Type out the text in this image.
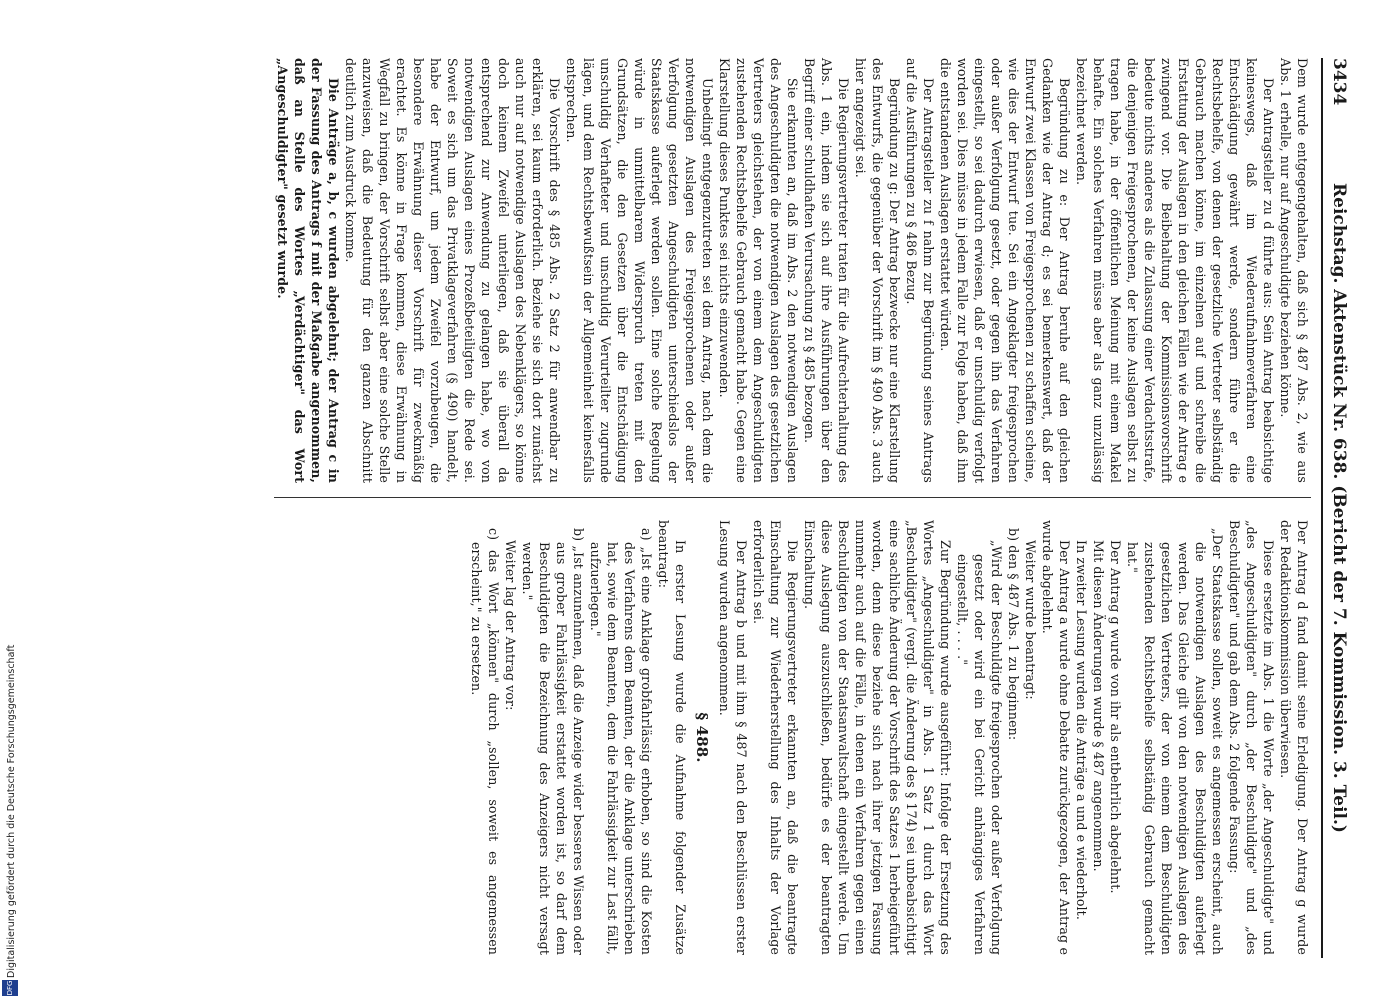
Digitalisierung gefördert durch die Deutsche Forschungsgemeinschaft
DFG
3434
Reichstag. Aktenstück Nr. 638. (Bericht der 7. Kommission. 3. Teil.)

Dem wurde entgegengehalten, daß sich § 487 Abs. 2, wie aus Abs. 1 erhelle, nur auf Angeschuldigte beziehen könne.

Der Antragsteller zu d führte aus: Sein Antrag beabsichtige keineswegs, daß im Wiederaufnahmeverfahren eine Entschädigung gewährt werde, sondern führe er die Rechtsbehelfe, von denen der gesetzliche Vertreter selbständig Gebrauch machen könne, im einzelnen auf und schreibe die Erstattung der Auslagen in den gleichen Fällen wie der Antrag e zwingend vor. Die Beibehaltung der Kommissionsvorschrift bedeute nichts anderes als die Zulassung einer Verdachtsstrafe, die denjenigen Freigesprochenen, der keine Auslagen selbst zu tragen habe, in der öffentlichen Meinung mit einem Makel behafte. Ein solches Verfahren müsse aber als ganz unzulässig bezeichnet werden.

Begründung zu e: Der Antrag beruhe auf den gleichen Gedanken wie der Antrag d; es sei bemerkenswert, daß der Entwurf zwei Klassen von Freigesprochenen zu schaffen scheine, wie dies der Entwurf tue. Sei ein Angeklagter freigesprochen oder außer Verfolgung gesetzt, oder gegen ihn das Verfahren eingestellt, so sei dadurch erwiesen, daß er unschuldig verfolgt worden sei. Dies müsse in jedem Falle zur Folge haben, daß ihm die entstandenen Auslagen erstattet würden.

Der Antragsteller zu f nahm zur Begründung seines Antrags auf die Ausführungen zu § 486 Bezug.

Begründung zu g: Der Antrag bezwecke nur eine Klarstellung des Entwurfs, die gegenüber der Vorschrift im § 490 Abs. 3 auch hier angezeigt sei.

Die Regierungsvertreter traten für die Aufrechterhaltung des Abs. 1 ein, indem sie sich auf ihre Ausführungen über den Begriff einer schuldhaften Verursachung zu § 485 bezogen.

Sie erkannten an, daß im Abs. 2 den notwendigen Auslagen des Angeschuldigten die notwendigen Auslagen des gesetzlichen Vertreters gleichstehen, der von einem dem Angeschuldigten zustehenden Rechtsbehelfe Gebrauch gemacht habe. Gegen eine Klarstellung dieses Punktes sei nichts einzuwenden.

Unbedingt entgegenzutreten sei dem Antrag, nach dem die notwendigen Auslagen des Freigesprochenen oder außer Verfolgung gesetzten Angeschuldigten unterschiedslos der Staatskasse auferlegt werden sollen. Eine solche Regelung würde in unmittelbarem Widerspruch treten mit den Grundsätzen, die den Gesetzen über die Entschädigung unschuldig Verhafteter und unschuldig Verurteilter zugrunde lägen, und dem Rechtsbewußtsein der Allgemeinheit keinesfalls entsprechen.

Die Vorschrift des § 485 Abs. 2 Satz 2 für anwendbar zu erklären, sei kaum erforderlich. Beziehe sie sich dort zunächst auch nur auf notwendige Auslagen des Nebenklägers, so könne doch keinem Zweifel unterliegen, daß sie überall da entsprechend zur Anwendung zu gelangen habe, wo von notwendigen Auslagen eines Prozeßbeteiligten die Rede sei. Soweit es sich um das Privatklageverfahren (§ 490) handelt, habe der Entwurf, um jedem Zweifel vorzubeugen, die besondere Erwähnung dieser Vorschrift für zweckmäßig erachtet. Es könne in Frage kommen, diese Erwähnung in Wegfall zu bringen, der Vorschrift selbst aber eine solche Stelle anzuweisen, daß die Bedeutung für den ganzen Abschnitt deutlich zum Ausdruck komme.

Die Anträge a, b, c wurden abgelehnt; der Antrag c in der Fassung des Antrags f mit der Maßgabe angenommen, daß an Stelle des Wortes „Verdächtiger" das Wort „Angeschuldigter" gesetzt wurde.

Der Antrag d fand damit seine Erledigung. Der Antrag g wurde der Redaktionskommission überwiesen.

Diese ersetzte im Abs. 1 die Worte „der Angeschuldigte" und „des Angeschuldigten" durch „der Beschuldigte" und „des Beschuldigten" und gab dem Abs. 2 folgende Fassung:

„Der Staatskasse sollen, soweit es angemessen erscheint, auch die notwendigen Auslagen des Beschuldigten auferlegt werden. Das Gleiche gilt von den notwendigen Auslagen des gesetzlichen Vertreters, der von einem dem Beschuldigten zustehenden Rechtsbehelfe selbständig Gebrauch gemacht hat."

Der Antrag g wurde von ihr als entbehrlich abgelehnt.

Mit diesen Änderungen wurde § 487 angenommen.

In zweiter Lesung wurden die Anträge a und e wiederholt.

Der Antrag a wurde ohne Debatte zurückgezogen, der Antrag e wurde abgelehnt.

Weiter wurde beantragt:

b) den § 487 Abs. 1 zu beginnen:

„Wird der Beschuldigte freigesprochen oder außer Verfolgung gesetzt oder wird ein bei Gericht anhängiges Verfahren eingestellt, . . . ."

Zur Begründung wurde ausgeführt: Infolge der Ersetzung des Wortes „Angeschuldigter" in Abs. 1 Satz 1 durch das Wort „Beschuldigter" (vergl. die Änderung des § 174) sei unbeabsichtigt eine sachliche Änderung der Vorschrift des Satzes 1 herbeigeführt worden, denn diese beziehe sich nach ihrer jetzigen Fassung nunmehr auch auf die Fälle, in denen ein Verfahren gegen einen Beschuldigten von der Staatsanwaltschaft eingestellt werde. Um diese Auslegung auszuschließen, bedürfe es der beantragten Einschaltung.

Die Regierungsvertreter erkannten an, daß die beantragte Einschaltung zur Wiederherstellung des Inhalts der Vorlage erforderlich sei.

Der Antrag b und mit ihm § 487 nach den Beschlüssen erster Lesung wurden angenommen.

§ 488.

In erster Lesung wurde die Aufnahme folgender Zusätze beantragt:

a) „Ist eine Anklage grobfahrlässig erhoben, so sind die Kosten des Verfahrens dem Beamten, der die Anklage unterschrieben hat, sowie dem Beamten, dem die Fahrlässigkeit zur Last fällt, aufzuerlegen."

b) „Ist anzunehmen, daß die Anzeige wider besseres Wissen oder aus grober Fahrlässigkeit erstattet worden ist, so darf dem Beschuldigten die Bezeichnung des Anzeigers nicht versagt werden."

Weiter lag der Antrag vor:

c) das Wort „können" durch „sollen, soweit es angemessen erscheint," zu ersetzen.
